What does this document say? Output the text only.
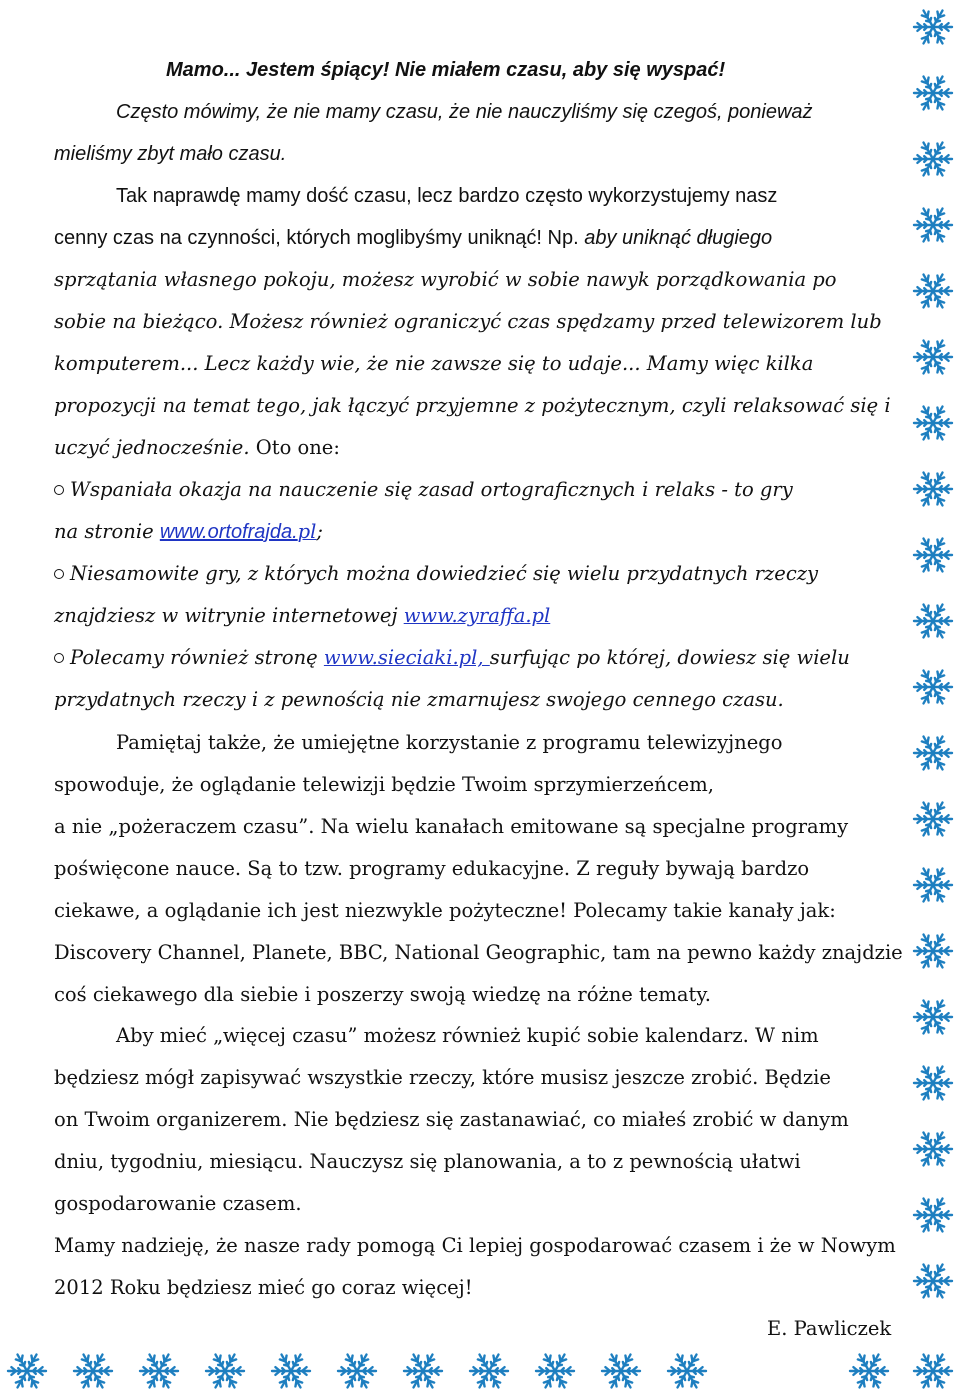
Mamo... Jestem śpiący! Nie miałem czasu, aby się wyspać!
Często mówimy, że nie mamy czasu, że nie nauczyliśmy się czegoś, ponieważ
mieliśmy zbyt mało czasu.
Tak naprawdę mamy dość czasu, lecz bardzo często wykorzystujemy nasz
cenny czas na czynności, których moglibyśmy uniknąć! Np. aby uniknąć długiego
sprzątania własnego pokoju, możesz wyrobić w sobie nawyk porządkowania po
sobie na bieżąco. Możesz również ograniczyć czas spędzamy przed telewizorem lub
komputerem... Lecz każdy wie, że nie zawsze się to udaje... Mamy więc kilka
propozycji na temat tego, jak łączyć przyjemne z pożytecznym, czyli relaksować się i
uczyć jednocześnie. Oto one:
Wspaniała okazja na nauczenie się zasad ortograficznych i relaks - to gry
na stronie www.ortofrajda.pl;
Niesamowite gry, z których można dowiedzieć się wielu przydatnych rzeczy
znajdziesz w witrynie internetowej www.zyraffa.pl
Polecamy również stronę www.sieciaki.pl, surfując po której, dowiesz się wielu
przydatnych rzeczy i z pewnością nie zmarnujesz swojego cennego czasu.
Pamiętaj także, że umiejętne korzystanie z programu telewizyjnego
spowoduje, że oglądanie telewizji będzie Twoim sprzymierzeńcem,
a nie „pożeraczem czasu”. Na wielu kanałach emitowane są specjalne programy
poświęcone nauce. Są to tzw. programy edukacyjne. Z reguły bywają bardzo
ciekawe, a oglądanie ich jest niezwykle pożyteczne! Polecamy takie kanały jak:
Discovery Channel, Planete, BBC, National Geographic, tam na pewno każdy znajdzie
coś ciekawego dla siebie i poszerzy swoją wiedzę na różne tematy.
Aby mieć „więcej czasu” możesz również kupić sobie kalendarz. W nim
będziesz mógł zapisywać wszystkie rzeczy, które musisz jeszcze zrobić. Będzie
on Twoim organizerem. Nie będziesz się zastanawiać, co miałeś zrobić w danym
dniu, tygodniu, miesiącu. Nauczysz się planowania, a to z pewnością ułatwi
gospodarowanie czasem.
Mamy nadzieję, że nasze rady pomogą Ci lepiej gospodarować czasem i że w Nowym
2012 Roku będziesz mieć go coraz więcej!
E. Pawliczek
